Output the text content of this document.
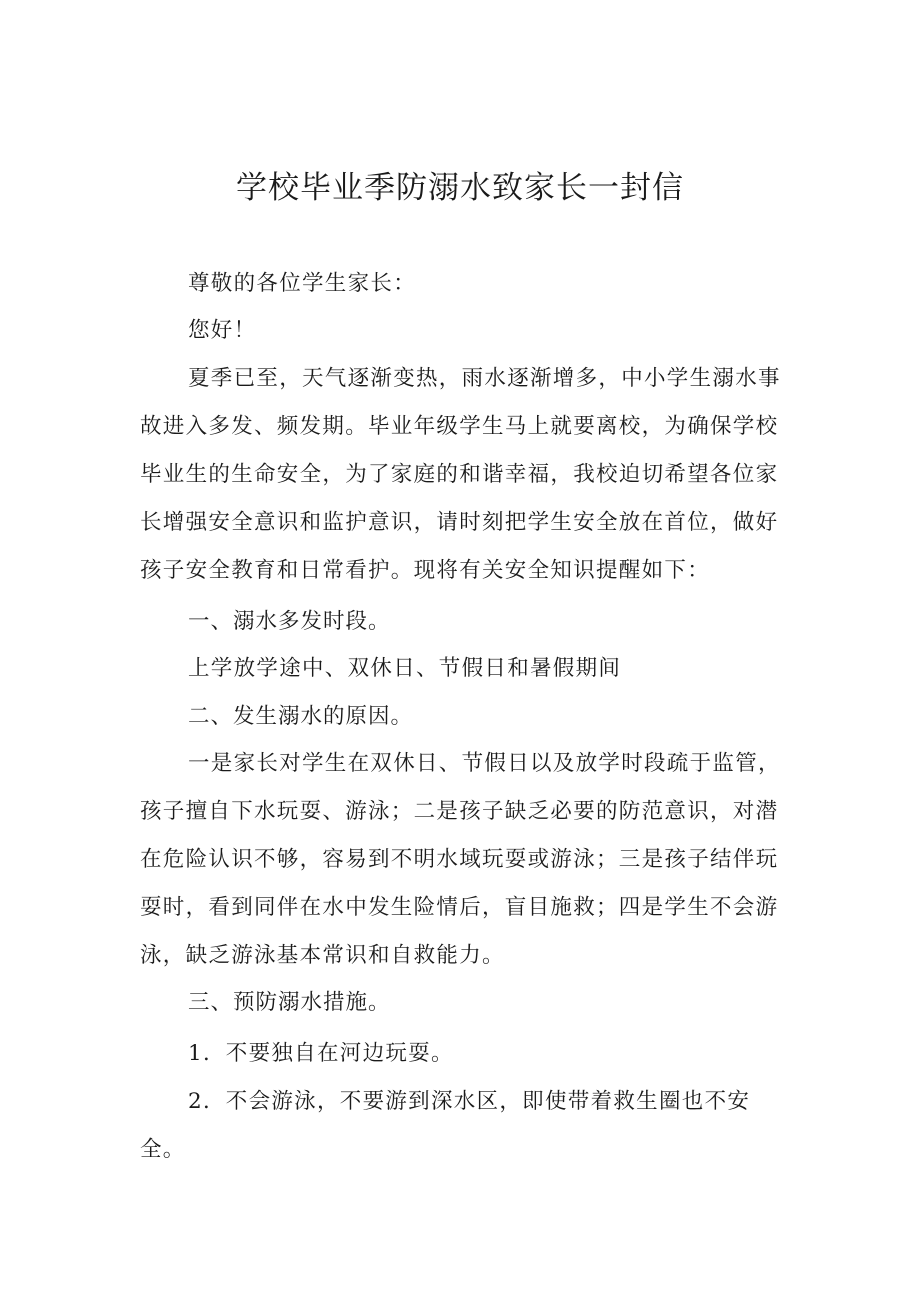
学校毕业季防溺水致家长一封信

尊敬的各位学生家长：

您好！

夏季已至，天气逐渐变热，雨水逐渐增多，中小学生溺水事故进入多发、频发期。毕业年级学生马上就要离校，为确保学校毕业生的生命安全，为了家庭的和谐幸福，我校迫切希望各位家长增强安全意识和监护意识，请时刻把学生安全放在首位，做好孩子安全教育和日常看护。现将有关安全知识提醒如下：

一、溺水多发时段。

上学放学途中、双休日、节假日和暑假期间

二、发生溺水的原因。

一是家长对学生在双休日、节假日以及放学时段疏于监管，孩子擅自下水玩耍、游泳；二是孩子缺乏必要的防范意识，对潜在危险认识不够，容易到不明水域玩耍或游泳；三是孩子结伴玩耍时，看到同伴在水中发生险情后，盲目施救；四是学生不会游泳，缺乏游泳基本常识和自救能力。

三、预防溺水措施。

1．不要独自在河边玩耍。

2．不会游泳，不要游到深水区，即使带着救生圈也不安全。
